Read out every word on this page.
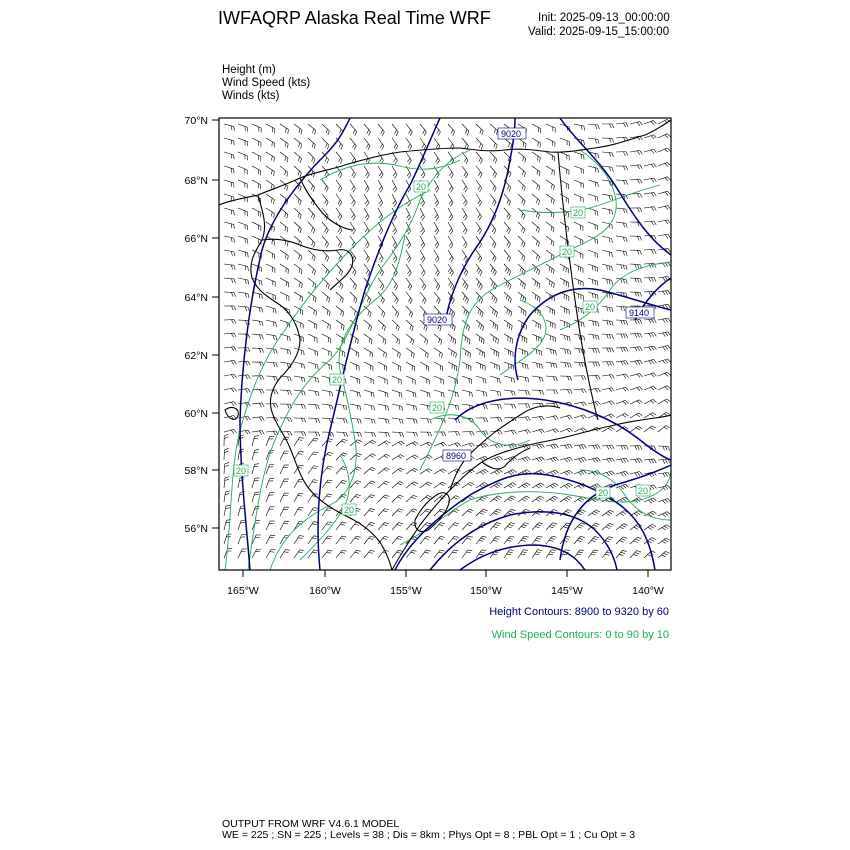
IWFAQRP Alaska Real Time WRF	Init: 2025-09-13_00:00:00
Valid: 2025-09-15_15:00:00
Height (m)
Wind Speed (kts)
Winds (kts)
70°N
68°N
66°N
64°N
62°N
60°N
58°N
56°N
165°W	160°W	155°W	150°W	145°W	140°W
9020
9020
9140
8960
20
20
20
20
20
20
20
20
20
20
Height Contours: 8900 to 9320 by 60
Wind Speed Contours: 0 to 90 by 10
OUTPUT FROM WRF V4.6.1 MODEL
WE = 225 ; SN = 225 ; Levels = 38 ; Dis = 8km ; Phys Opt = 8 ; PBL Opt = 1 ; Cu Opt = 3
